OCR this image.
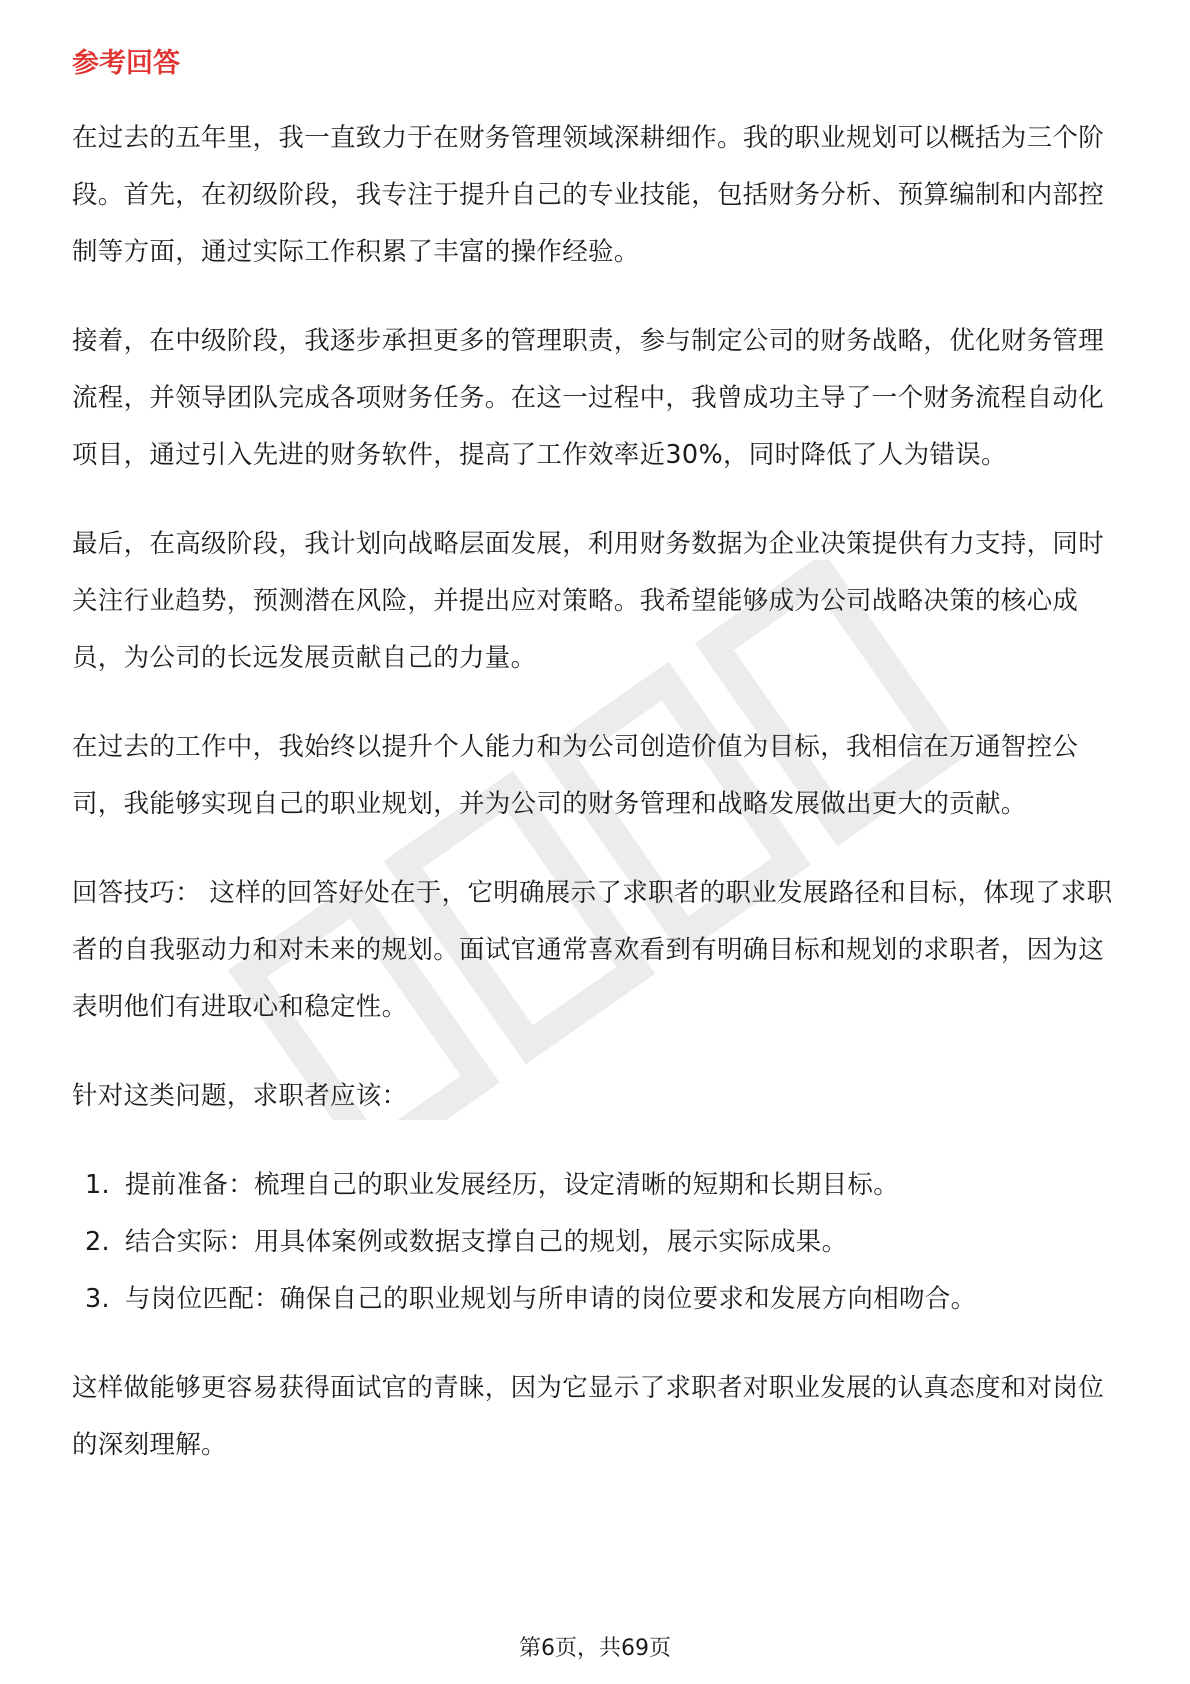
参考回答

在过去的五年里，我一直致力于在财务管理领域深耕细作。我的职业规划可以概括为三个阶段。首先，在初级阶段，我专注于提升自己的专业技能，包括财务分析、预算编制和内部控制等方面，通过实际工作积累了丰富的操作经验。

接着，在中级阶段，我逐步承担更多的管理职责，参与制定公司的财务战略，优化财务管理流程，并领导团队完成各项财务任务。在这一过程中，我曾成功主导了一个财务流程自动化项目，通过引入先进的财务软件，提高了工作效率近30%，同时降低了人为错误。

最后，在高级阶段，我计划向战略层面发展，利用财务数据为企业决策提供有力支持，同时关注行业趋势，预测潜在风险，并提出应对策略。我希望能够成为公司战略决策的核心成员，为公司的长远发展贡献自己的力量。

在过去的工作中，我始终以提升个人能力和为公司创造价值为目标，我相信在万通智控公司，我能够实现自己的职业规划，并为公司的财务管理和战略发展做出更大的贡献。

回答技巧： 这样的回答好处在于，它明确展示了求职者的职业发展路径和目标，体现了求职者的自我驱动力和对未来的规划。面试官通常喜欢看到有明确目标和规划的求职者，因为这表明他们有进取心和稳定性。

针对这类问题，求职者应该：

1. 提前准备：梳理自己的职业发展经历，设定清晰的短期和长期目标。
2. 结合实际：用具体案例或数据支撑自己的规划，展示实际成果。
3. 与岗位匹配：确保自己的职业规划与所申请的岗位要求和发展方向相吻合。

这样做能够更容易获得面试官的青睐，因为它显示了求职者对职业发展的认真态度和对岗位的深刻理解。

第6页，共69页
